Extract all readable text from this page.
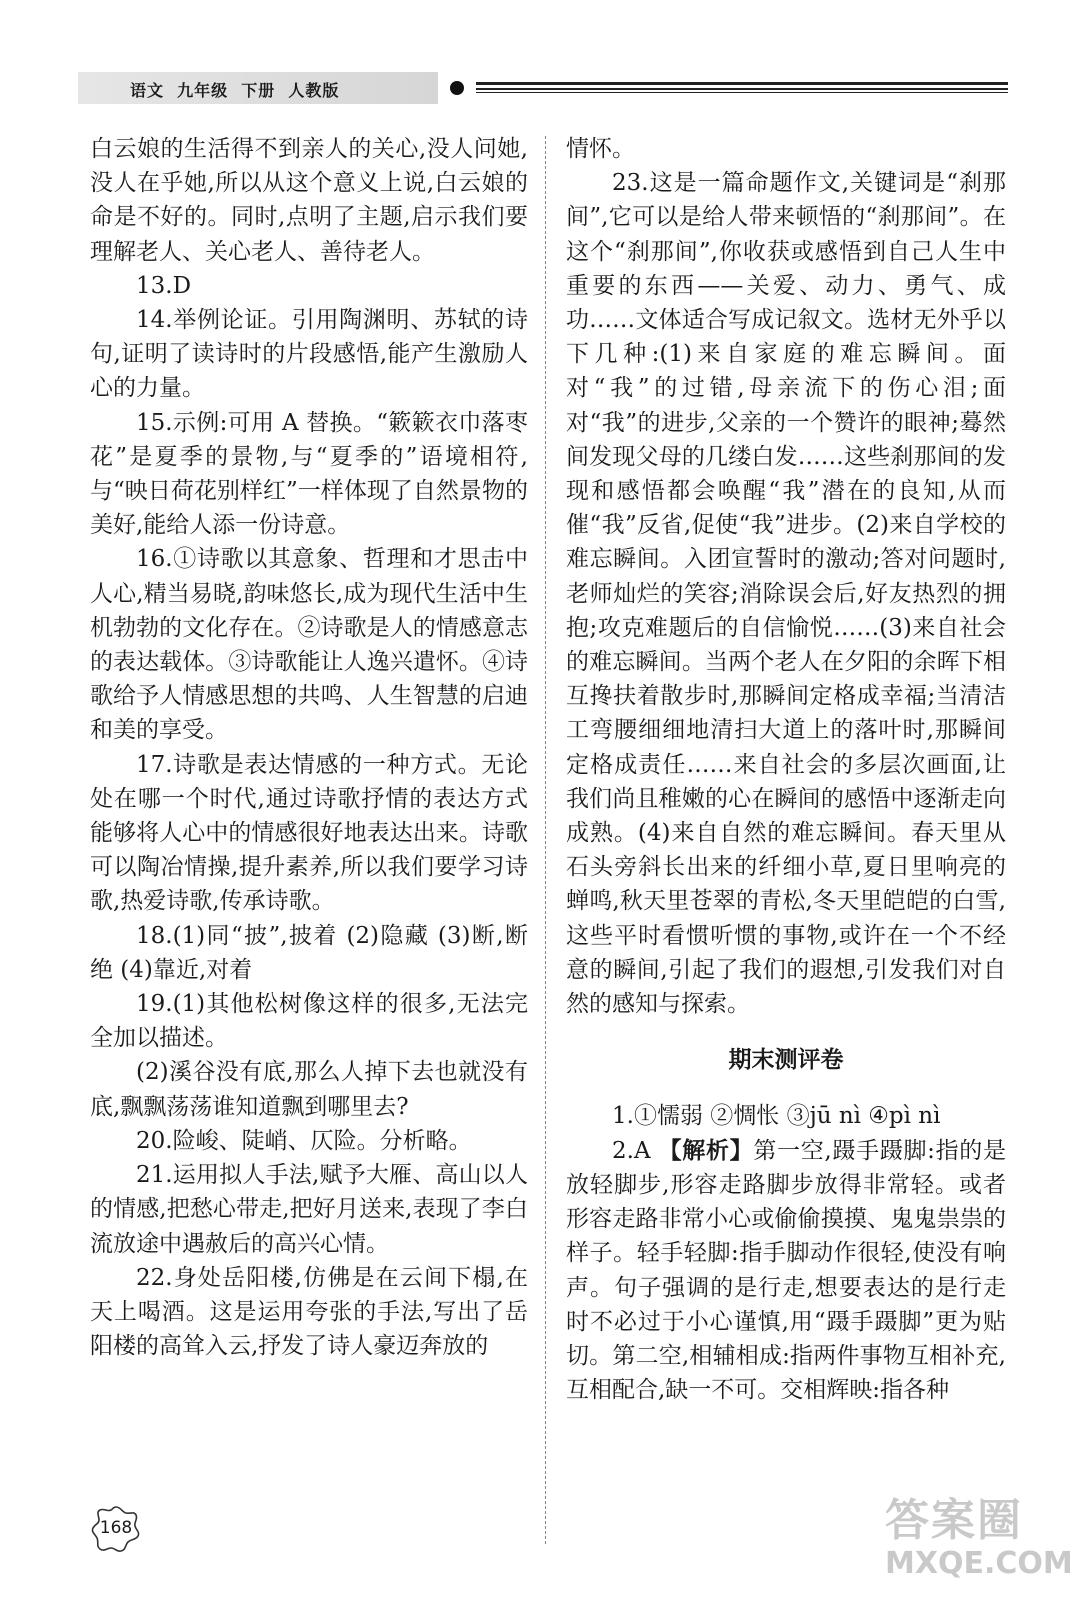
语文  九年级  下册  人教版

白云娘的生活得不到亲人的关心,没人问她,没人在乎她,所以从这个意义上说,白云娘的命是不好的。同时,点明了主题,启示我们要理解老人、关心老人、善待老人。

13.D

14.举例论证。引用陶渊明、苏轼的诗句,证明了读诗时的片段感悟,能产生激励人心的力量。

15.示例:可用 A 替换。“簌簌衣巾落枣花”是夏季的景物,与“夏季的”语境相符,与“映日荷花别样红”一样体现了自然景物的美好,能给人添一份诗意。

16.①诗歌以其意象、哲理和才思击中人心,精当易晓,韵味悠长,成为现代生活中生机勃勃的文化存在。②诗歌是人的情感意志的表达载体。③诗歌能让人逸兴遣怀。④诗歌给予人情感思想的共鸣、人生智慧的启迪和美的享受。

17.诗歌是表达情感的一种方式。无论处在哪一个时代,通过诗歌抒情的表达方式能够将人心中的情感很好地表达出来。诗歌可以陶冶情操,提升素养,所以我们要学习诗歌,热爱诗歌,传承诗歌。

18.(1)同“披”,披着 (2)隐藏 (3)断,断绝 (4)靠近,对着

19.(1)其他松树像这样的很多,无法完全加以描述。

(2)溪谷没有底,那么人掉下去也就没有底,飘飘荡荡谁知道飘到哪里去?

20.险峻、陡峭、仄险。分析略。

21.运用拟人手法,赋予大雁、高山以人的情感,把愁心带走,把好月送来,表现了李白流放途中遇赦后的高兴心情。

22.身处岳阳楼,仿佛是在云间下榻,在天上喝酒。这是运用夸张的手法,写出了岳阳楼的高耸入云,抒发了诗人豪迈奔放的

情怀。

23.这是一篇命题作文,关键词是“刹那间”,它可以是给人带来顿悟的“刹那间”。在这个“刹那间”,你收获或感悟到自己人生中重要的东西——关爱、动力、勇气、成功……文体适合写成记叙文。选材无外乎以下几种:(1)来自家庭的难忘瞬间。面对“我”的过错,母亲流下的伤心泪;面对“我”的进步,父亲的一个赞许的眼神;蓦然间发现父母的几缕白发……这些刹那间的发现和感悟都会唤醒“我”潜在的良知,从而催“我”反省,促使“我”进步。(2)来自学校的难忘瞬间。入团宣誓时的激动;答对问题时,老师灿烂的笑容;消除误会后,好友热烈的拥抱;攻克难题后的自信愉悦……(3)来自社会的难忘瞬间。当两个老人在夕阳的余晖下相互搀扶着散步时,那瞬间定格成幸福;当清洁工弯腰细细地清扫大道上的落叶时,那瞬间定格成责任……来自社会的多层次画面,让我们尚且稚嫩的心在瞬间的感悟中逐渐走向成熟。(4)来自自然的难忘瞬间。春天里从石头旁斜长出来的纤细小草,夏日里响亮的蝉鸣,秋天里苍翠的青松,冬天里皑皑的白雪,这些平时看惯听惯的事物,或许在一个不经意的瞬间,引起了我们的遐想,引发我们对自然的感知与探索。

期末测评卷

1.①懦弱 ②惆怅 ③jū nì ④pì nì

2.A 【解析】第一空,蹑手蹑脚:指的是放轻脚步,形容走路脚步放得非常轻。或者形容走路非常小心或偷偷摸摸、鬼鬼祟祟的样子。轻手轻脚:指手脚动作很轻,使没有响声。句子强调的是行走,想要表达的是行走时不必过于小心谨慎,用“蹑手蹑脚”更为贴切。第二空,相辅相成:指两件事物互相补充,互相配合,缺一不可。交相辉映:指各种

168	答案圈
MXQE.COM
